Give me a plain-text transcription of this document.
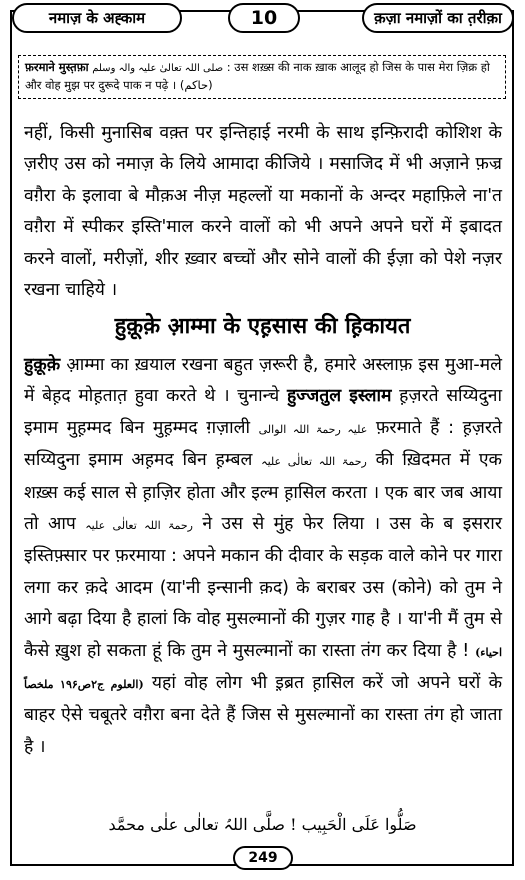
नमाज़ के अह्काम	10	क़ज़ा नमाज़ों का त़रीक़ा
फ़रमाने मुस्त़फ़ा صلی اللہ تعالیٰ علیہ والہ وسلم : उस शख़्स की नाक ख़ाक आलूद हो जिस के पास मेरा ज़िक्र हो और वोह मुझ पर दुरूदे पाक न पढ़े । (حاکم)
नहीं, किसी मुनासिब वक़्त पर इन्तिहाई नरमी के साथ इन्फ़िरादी कोशिश के ज़रीए उस को नमाज़ के लिये आमादा कीजिये । मसाजिद में भी अज़ाने फ़ज्र वग़ैरा के इलावा बे मौक़अ नीज़ महल्लों या मकानों के अन्दर महाफ़िले ना'त वग़ैरा में स्पीकर इस्ति'माल करने वालों को भी अपने अपने घरों में इबादत करने वालों, मरीज़ों, शीर ख़्वार बच्चों और सोने वालों की ईज़ा को पेशे नज़र रखना चाहिये ।
हुक़ूक़े आ़म्मा के एह़सास की ह़िकायत
हुक़ूक़े आ़म्मा का ख़याल रखना बहुत ज़रूरी है, हमारे अस्लाफ़ इस मुआ-मले में बेह़द मोह़तात़ हुवा करते थे । चुनान्चे हुज्जतुल इस्लाम ह़ज़रते सय्यिदुना इमाम मुह़म्मद बिन मुह़म्मद ग़ज़ाली علیہ رحمۃ اللہ الوالی फ़रमाते हैं : ह़ज़रते सय्यिदुना इमाम अह़मद बिन ह़म्बल رحمۃ اللہ تعالٰی علیہ की ख़िदमत में एक शख़्स कई साल से ह़ाज़िर होता और इल्म ह़ासिल करता । एक बार जब आया तो आप رحمۃ اللہ تعالٰی علیہ ने उस से मुंह फेर लिया । उस के ब इसरार इस्तिफ़्सार पर फ़रमाया : अपने मकान की दीवार के सड़क वाले कोने पर गारा लगा कर क़दे आदम (या'नी इन्सानी क़द) के बराबर उस (कोने) को तुम ने आगे बढ़ा दिया है हालां कि वोह मुसल्मानों की गुज़र गाह है । या'नी मैं तुम से कैसे ख़ुश हो सकता हूं कि तुम ने मुसल्मानों का रास्ता तंग कर दिया है ! (احیاء العلوم ج۲ص۱۹۶ ملخصاً) यहां वोह लोग भी इ़ब्रत ह़ासिल करें जो अपने घरों के बाहर ऐसे चबूतरे वग़ैरा बना देते हैं जिस से मुसल्मानों का रास्ता तंग हो जाता है ।
صَلُّوا عَلَی الْحَبِیب ! صلَّی اللہُ تعالٰی علٰی محمَّد
249
